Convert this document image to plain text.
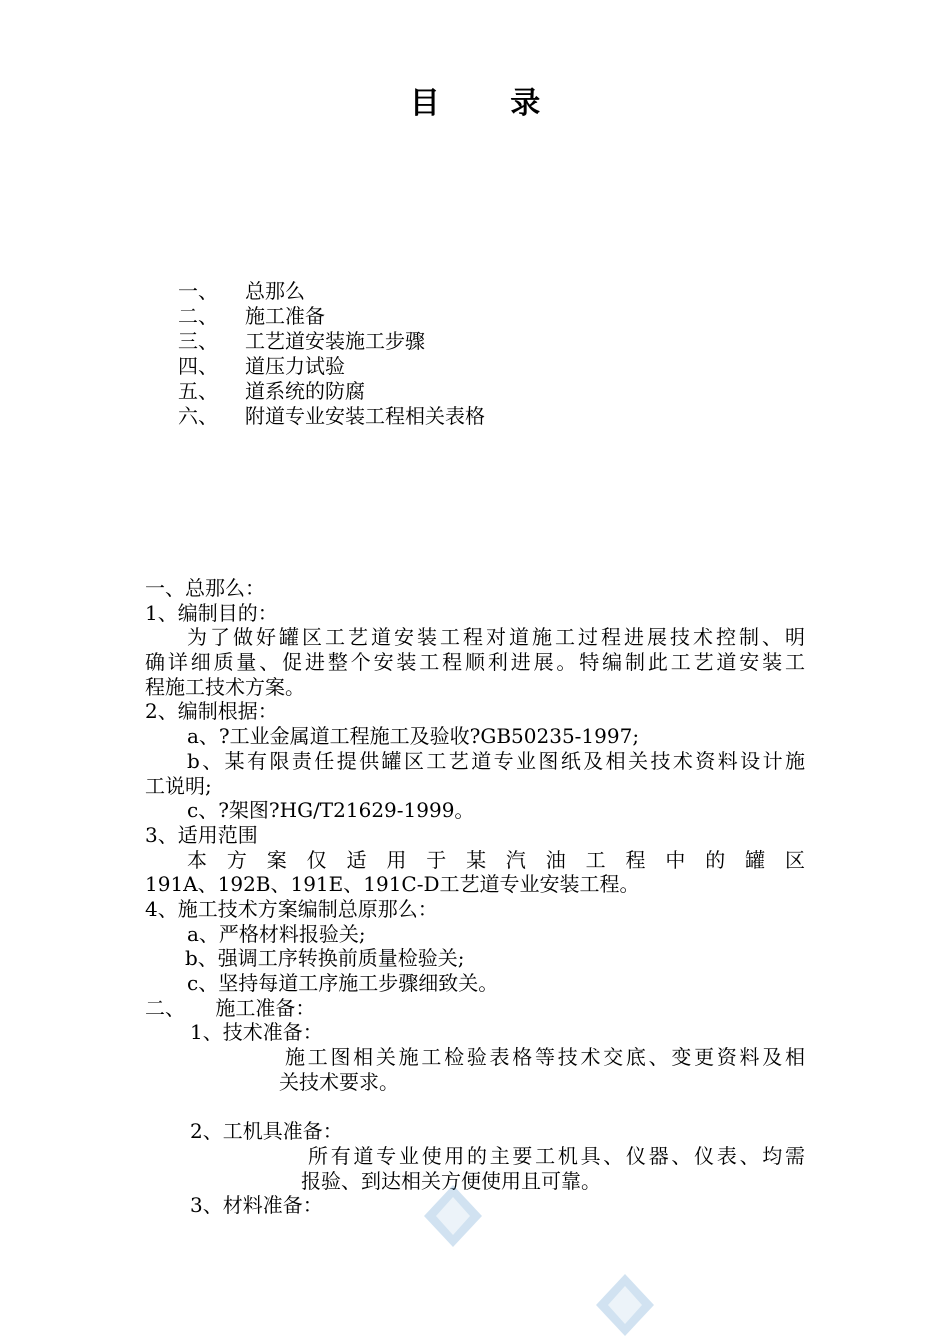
目 录
一、 总那么
二、 施工准备
三、 工艺道安装施工步骤
四、 道压力试验
五、 道系统的防腐
六、 附道专业安装工程相关表格
一、总那么：
1、编制目的：
为了做好罐区工艺道安装工程对道施工过程进展技术控制、明
确详细质量、促进整个安装工程顺利进展。特编制此工艺道安装工
程施工技术方案。
2、编制根据：
a、?工业金属道工程施工及验收?GB50235-1997;
b、某有限责任提供罐区工艺道专业图纸及相关技术资料设计施
工说明;
c、?架图?HG/T21629-1999。
3、适用范围
本方案仅适用于某汽油工程中的罐区
191A、192B、191E、191C-D工艺道专业安装工程。
4、施工技术方案编制总原那么：
a、严格材料报验关;
b、强调工序转换前质量检验关;
c、坚持每道工序施工步骤细致关。
二、 施工准备：
1、技术准备：
施工图相关施工检验表格等技术交底、变更资料及相
关技术要求。
2、工机具准备：
所有道专业使用的主要工机具、仪器、仪表、均需
报验、到达相关方便使用且可靠。
3、材料准备：
